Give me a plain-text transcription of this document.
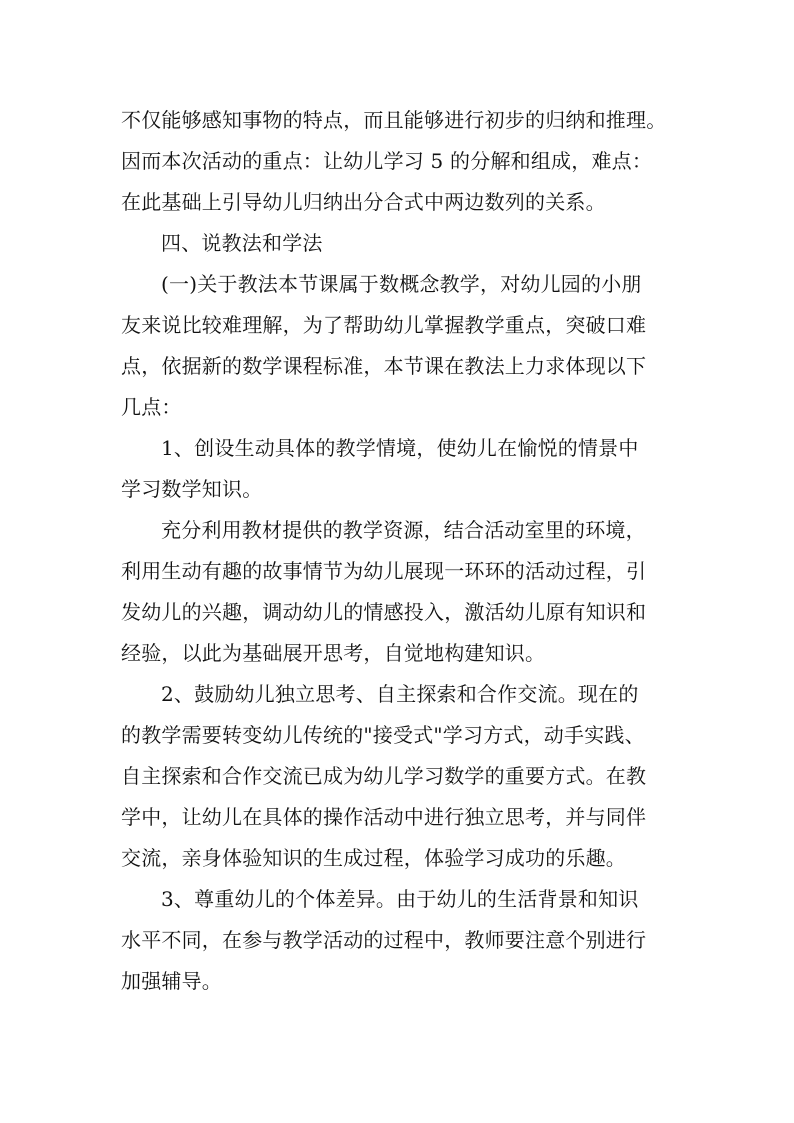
不仅能够感知事物的特点，而且能够进行初步的归纳和推理。
因而本次活动的重点：让幼儿学习 5 的分解和组成，难点：
在此基础上引导幼儿归纳出分合式中两边数列的关系。
四、说教法和学法
(一)关于教法本节课属于数概念教学，对幼儿园的小朋
友来说比较难理解，为了帮助幼儿掌握教学重点，突破口难
点，依据新的数学课程标准，本节课在教法上力求体现以下
几点：
1、创设生动具体的教学情境，使幼儿在愉悦的情景中
学习数学知识。
充分利用教材提供的教学资源，结合活动室里的环境，
利用生动有趣的故事情节为幼儿展现一环环的活动过程，引
发幼儿的兴趣，调动幼儿的情感投入，激活幼儿原有知识和
经验，以此为基础展开思考，自觉地构建知识。
2、鼓励幼儿独立思考、自主探索和合作交流。现在的
的教学需要转变幼儿传统的"接受式"学习方式，动手实践、
自主探索和合作交流已成为幼儿学习数学的重要方式。在教
学中，让幼儿在具体的操作活动中进行独立思考，并与同伴
交流，亲身体验知识的生成过程，体验学习成功的乐趣。
3、尊重幼儿的个体差异。由于幼儿的生活背景和知识
水平不同，在参与教学活动的过程中，教师要注意个别进行
加强辅导。
